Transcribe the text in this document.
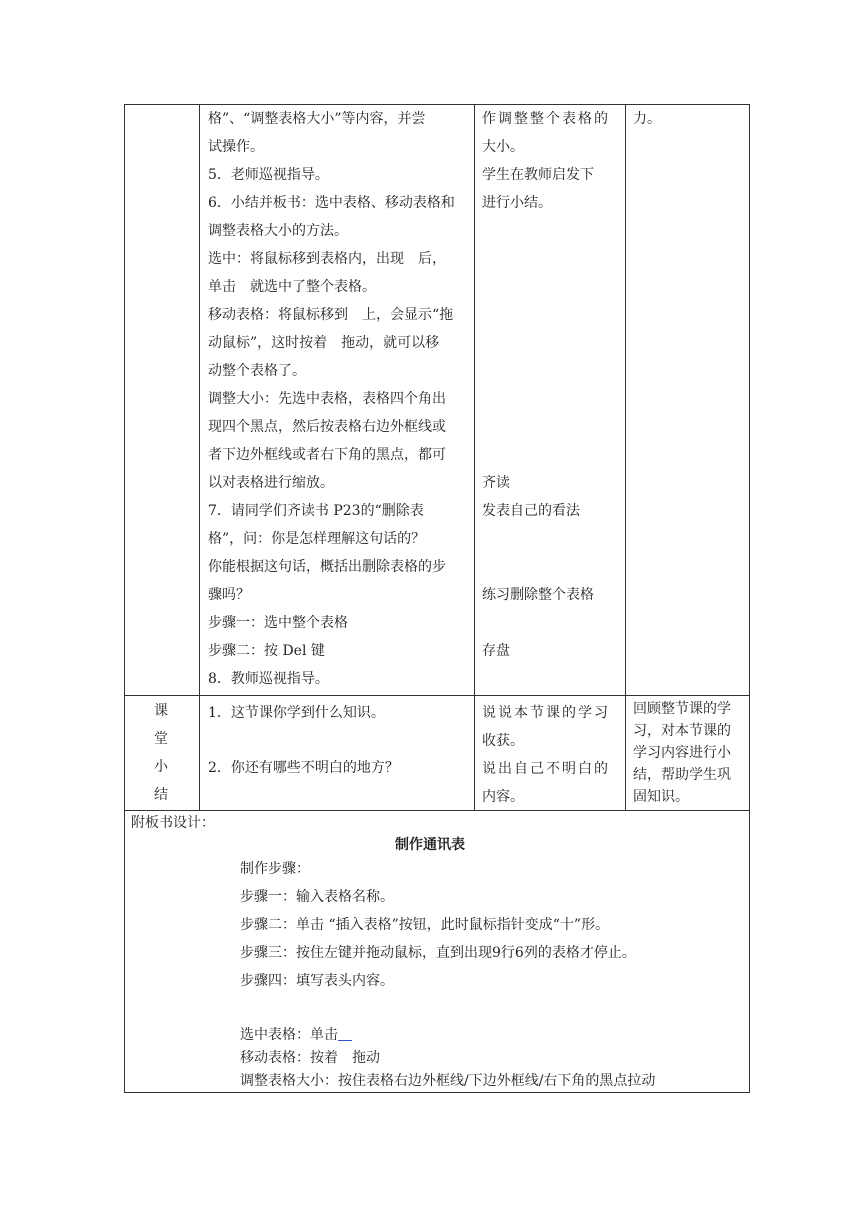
格”、“调整表格大小”等内容，并尝
试操作。
5．老师巡视指导。
6．小结并板书：选中表格、移动表格和
调整表格大小的方法。
选中：将鼠标移到表格内，出现　后，
单击　就选中了整个表格。
移动表格：将鼠标移到　上，会显示“拖
动鼠标”，这时按着　拖动，就可以移
动整个表格了。
调整大小：先选中表格，表格四个角出
现四个黑点，然后按表格右边外框线或
者下边外框线或者右下角的黑点，都可
以对表格进行缩放。
7．请同学们齐读书 P23的“删除表
格”，问：你是怎样理解这句话的？
你能根据这句话，概括出删除表格的步
骤吗？
步骤一：选中整个表格
步骤二：按 Del 键
8．教师巡视指导。
作调整整个表格的
大小。
学生在教师启发下
进行小结。
齐读
发表自己的看法
练习删除整个表格
存盘
力。
课
堂
小
结
1．这节课你学到什么知识。
2．你还有哪些不明白的地方？
说说本节课的学习
收获。
说出自己不明白的
内容。
回顾整节课的学
习，对本节课的
学习内容进行小
结，帮助学生巩
固知识。
附板书设计：
制作通讯表
制作步骤：
步骤一：输入表格名称。
步骤二：单击 “插入表格”按钮，此时鼠标指针变成“十”形。
步骤三：按住左键并拖动鼠标，直到出现9行6列的表格才停止。
步骤四：填写表头内容。
选中表格：单击
移动表格：按着　拖动
调整表格大小：按住表格右边外框线/下边外框线/右下角的黑点拉动
